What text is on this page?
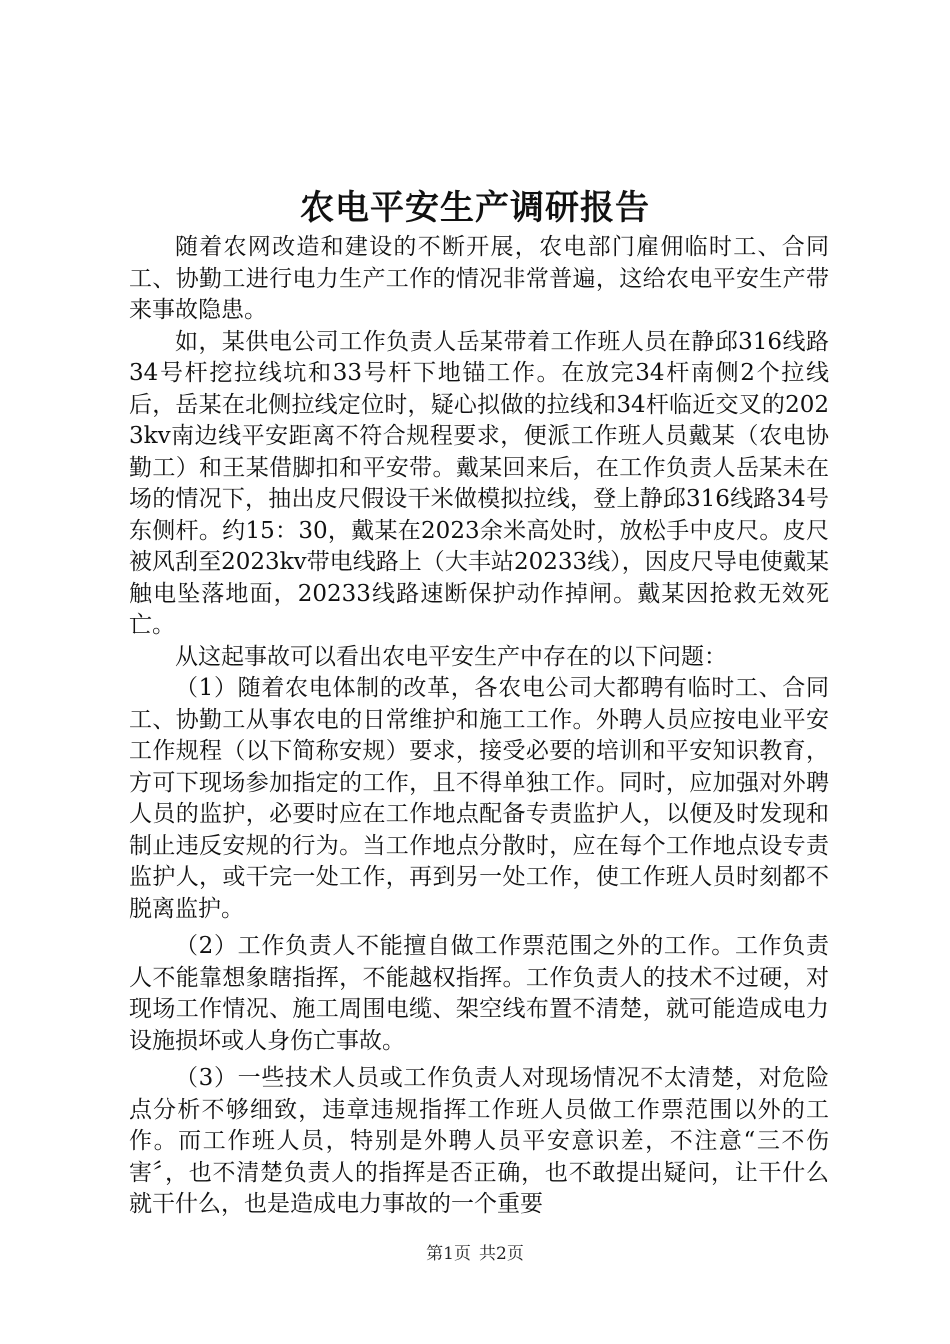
农电平安生产调研报告

随着农网改造和建设的不断开展，农电部门雇佣临时工、合同工、协勤工进行电力生产工作的情况非常普遍，这给农电平安生产带来事故隐患。

如，某供电公司工作负责人岳某带着工作班人员在静邱316线路34号杆挖拉线坑和33号杆下地锚工作。在放完34杆南侧2个拉线后，岳某在北侧拉线定位时，疑心拟做的拉线和34杆临近交叉的2023kv南边线平安距离不符合规程要求，便派工作班人员戴某（农电协勤工）和王某借脚扣和平安带。戴某回来后，在工作负责人岳某未在场的情况下，抽出皮尺假设干米做模拟拉线，登上静邱316线路34号东侧杆。约15：30，戴某在2023余米高处时，放松手中皮尺。皮尺被风刮至2023kv带电线路上（大丰站20233线），因皮尺导电使戴某触电坠落地面，20233线路速断保护动作掉闸。戴某因抢救无效死亡。

从这起事故可以看出农电平安生产中存在的以下问题：

（1）随着农电体制的改革，各农电公司大都聘有临时工、合同工、协勤工从事农电的日常维护和施工工作。外聘人员应按电业平安工作规程（以下简称安规）要求，接受必要的培训和平安知识教育，方可下现场参加指定的工作，且不得单独工作。同时，应加强对外聘人员的监护，必要时应在工作地点配备专责监护人，以便及时发现和制止违反安规的行为。当工作地点分散时，应在每个工作地点设专责监护人，或干完一处工作，再到另一处工作，使工作班人员时刻都不脱离监护。

（2）工作负责人不能擅自做工作票范围之外的工作。工作负责人不能靠想象瞎指挥，不能越权指挥。工作负责人的技术不过硬，对现场工作情况、施工周围电缆、架空线布置不清楚，就可能造成电力设施损坏或人身伤亡事故。

（3）一些技术人员或工作负责人对现场情况不太清楚，对危险点分析不够细致，违章违规指挥工作班人员做工作票范围以外的工作。而工作班人员，特别是外聘人员平安意识差，不注意“三不伤害〞，也不清楚负责人的指挥是否正确，也不敢提出疑问，让干什么就干什么，也是造成电力事故的一个重要

第1页 共2页
